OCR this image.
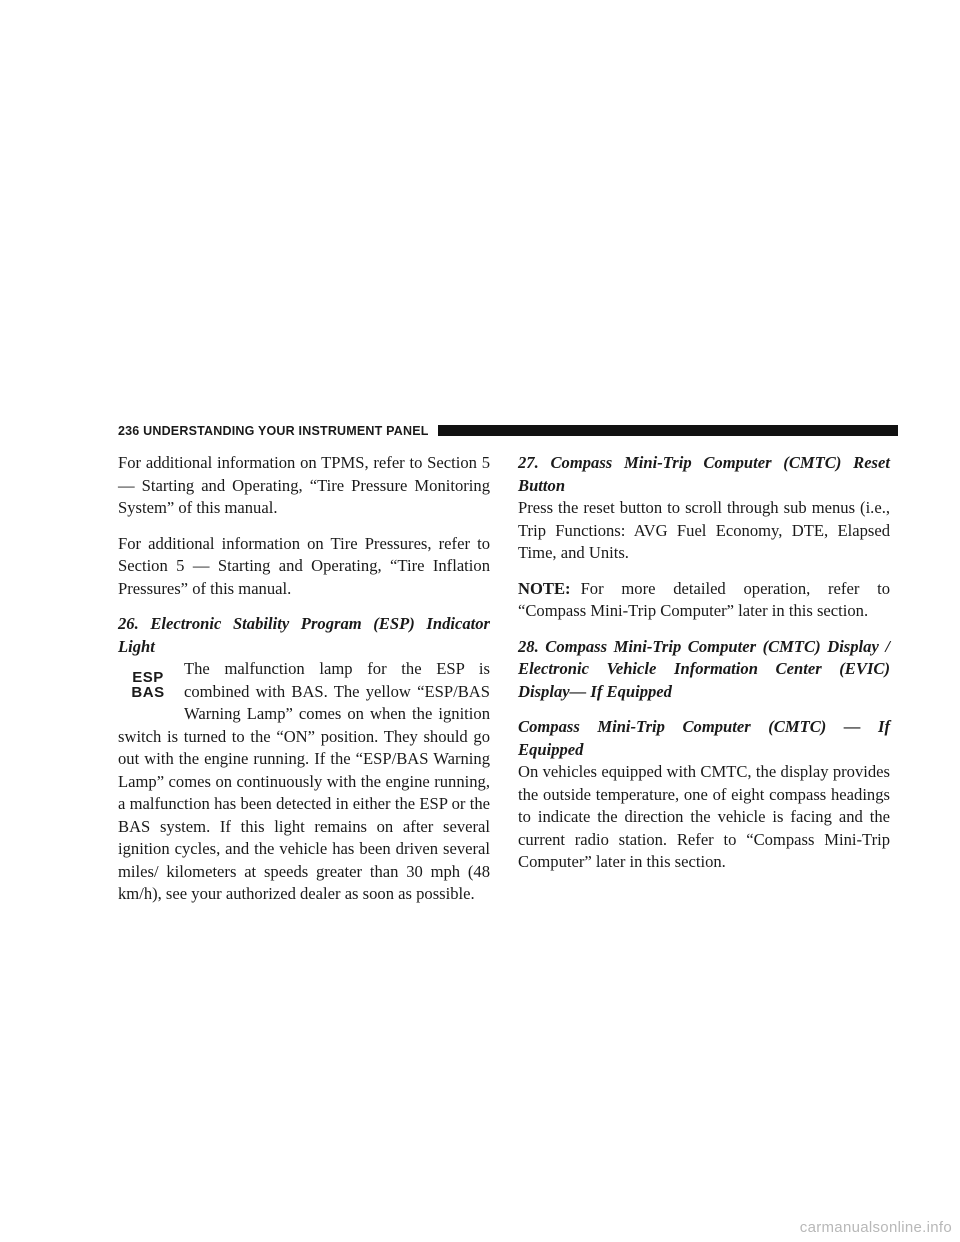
236 UNDERSTANDING YOUR INSTRUMENT PANEL

For additional information on TPMS, refer to Section 5 — Starting and Operating, “Tire Pressure Monitoring System” of this manual.

For additional information on Tire Pressures, refer to Section 5 — Starting and Operating, “Tire Inflation Pressures” of this manual.

26. Electronic Stability Program (ESP) Indicator Light

ESP
BAS

The malfunction lamp for the ESP is combined with BAS. The yellow “ESP/BAS Warning Lamp” comes on when the ignition switch is turned to the “ON” position. They should go out with the engine running. If the “ESP/BAS Warning Lamp” comes on continuously with the engine running, a malfunction has been detected in either the ESP or the BAS system. If this light remains on after several ignition cycles, and the vehicle has been driven several miles/ kilometers at speeds greater than 30 mph (48 km/h), see your authorized dealer as soon as possible.

27. Compass Mini-Trip Computer (CMTC) Reset Button

Press the reset button to scroll through sub menus (i.e., Trip Functions: AVG Fuel Economy, DTE, Elapsed Time, and Units.

NOTE: For more detailed operation, refer to “Compass Mini-Trip Computer” later in this section.

28. Compass Mini-Trip Computer (CMTC) Display / Electronic Vehicle Information Center (EVIC) Display— If Equipped

Compass Mini-Trip Computer (CMTC) — If Equipped

On vehicles equipped with CMTC, the display provides the outside temperature, one of eight compass headings to indicate the direction the vehicle is facing and the current radio station. Refer to “Compass Mini-Trip Computer” later in this section.

carmanualsonline.info
